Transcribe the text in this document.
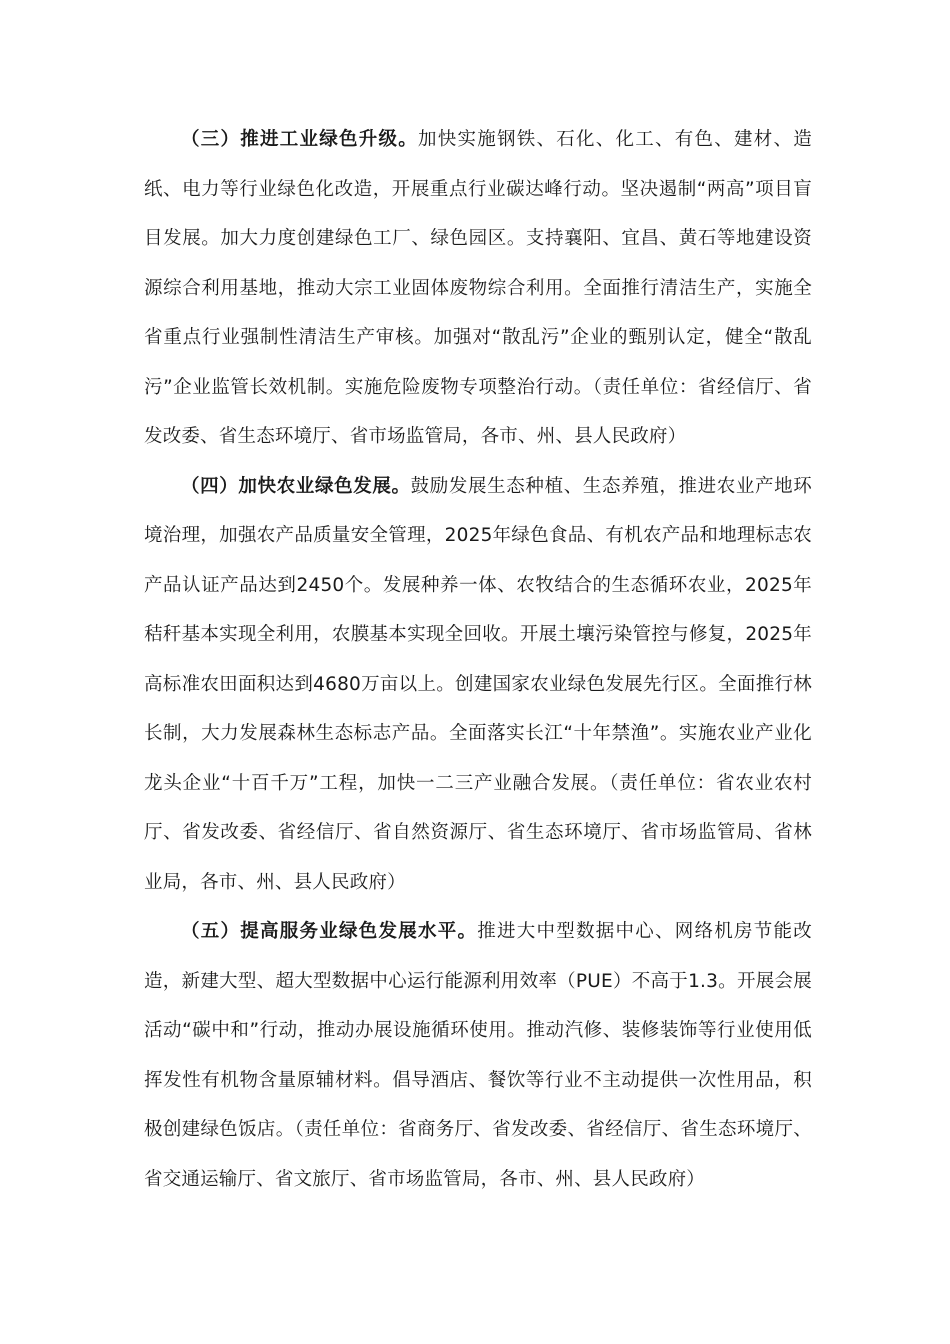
（三）推进工业绿色升级。加快实施钢铁、石化、化工、有色、建材、造纸、电力等行业绿色化改造，开展重点行业碳达峰行动。坚决遏制“两高”项目盲目发展。加大力度创建绿色工厂、绿色园区。支持襄阳、宜昌、黄石等地建设资源综合利用基地，推动大宗工业固体废物综合利用。全面推行清洁生产，实施全省重点行业强制性清洁生产审核。加强对“散乱污”企业的甄别认定，健全“散乱污”企业监管长效机制。实施危险废物专项整治行动。（责任单位：省经信厅、省发改委、省生态环境厅、省市场监管局，各市、州、县人民政府）

（四）加快农业绿色发展。鼓励发展生态种植、生态养殖，推进农业产地环境治理，加强农产品质量安全管理，2025年绿色食品、有机农产品和地理标志农产品认证产品达到2450个。发展种养一体、农牧结合的生态循环农业，2025年秸秆基本实现全利用，农膜基本实现全回收。开展土壤污染管控与修复，2025年高标准农田面积达到4680万亩以上。创建国家农业绿色发展先行区。全面推行林长制，大力发展森林生态标志产品。全面落实长江“十年禁渔”。实施农业产业化龙头企业“十百千万”工程，加快一二三产业融合发展。（责任单位：省农业农村厅、省发改委、省经信厅、省自然资源厅、省生态环境厅、省市场监管局、省林业局，各市、州、县人民政府）

（五）提高服务业绿色发展水平。推进大中型数据中心、网络机房节能改造，新建大型、超大型数据中心运行能源利用效率（PUE）不高于1.3。开展会展活动“碳中和”行动，推动办展设施循环使用。推动汽修、装修装饰等行业使用低挥发性有机物含量原辅材料。倡导酒店、餐饮等行业不主动提供一次性用品，积极创建绿色饭店。（责任单位：省商务厅、省发改委、省经信厅、省生态环境厅、省交通运输厅、省文旅厅、省市场监管局，各市、州、县人民政府）
